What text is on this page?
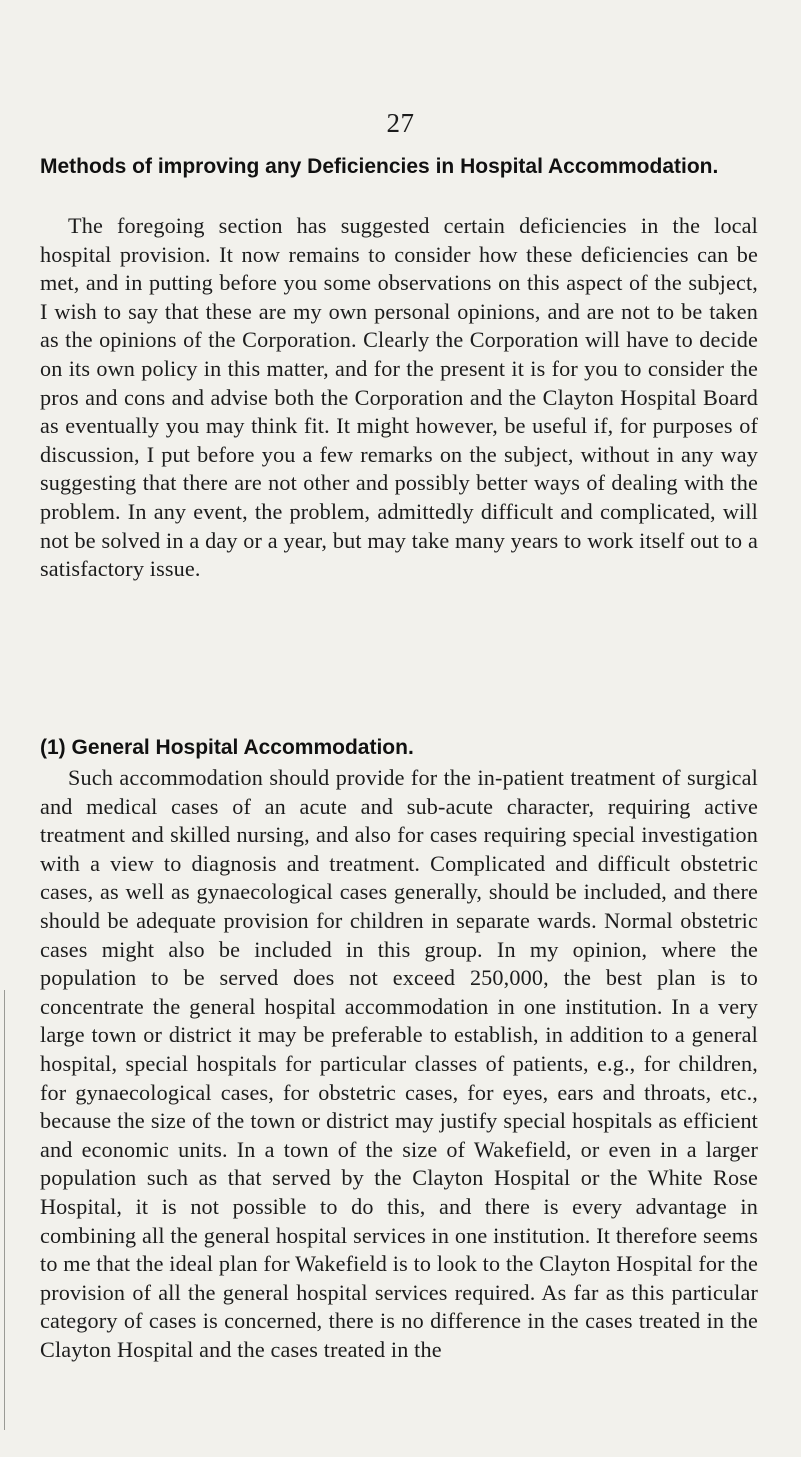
27
Methods of improving any Deficiencies in Hospital Accommodation.
The foregoing section has suggested certain deficiencies in the local hospital provision. It now remains to consider how these deficiencies can be met, and in putting before you some observations on this aspect of the subject, I wish to say that these are my own personal opinions, and are not to be taken as the opinions of the Corporation. Clearly the Corporation will have to decide on its own policy in this matter, and for the present it is for you to consider the pros and cons and advise both the Corporation and the Clayton Hospital Board as eventually you may think fit. It might however, be useful if, for purposes of discussion, I put before you a few remarks on the subject, without in any way suggesting that there are not other and possibly better ways of dealing with the problem. In any event, the problem, admittedly difficult and complicated, will not be solved in a day or a year, but may take many years to work itself out to a satisfactory issue.
(1) General Hospital Accommodation.
Such accommodation should provide for the in-patient treatment of surgical and medical cases of an acute and sub-acute character, requiring active treatment and skilled nursing, and also for cases requiring special investigation with a view to diagnosis and treatment. Complicated and difficult obstetric cases, as well as gynaecological cases generally, should be included, and there should be adequate provision for children in separate wards. Normal obstetric cases might also be included in this group. In my opinion, where the population to be served does not exceed 250,000, the best plan is to concentrate the general hospital accommodation in one institution. In a very large town or district it may be preferable to establish, in addition to a general hospital, special hospitals for particular classes of patients, e.g., for children, for gynaecological cases, for obstetric cases, for eyes, ears and throats, etc., because the size of the town or district may justify special hospitals as efficient and economic units. In a town of the size of Wakefield, or even in a larger population such as that served by the Clayton Hospital or the White Rose Hospital, it is not possible to do this, and there is every advantage in combining all the general hospital services in one institution. It therefore seems to me that the ideal plan for Wakefield is to look to the Clayton Hospital for the provision of all the general hospital services required. As far as this particular category of cases is concerned, there is no difference in the cases treated in the Clayton Hospital and the cases treated in the
